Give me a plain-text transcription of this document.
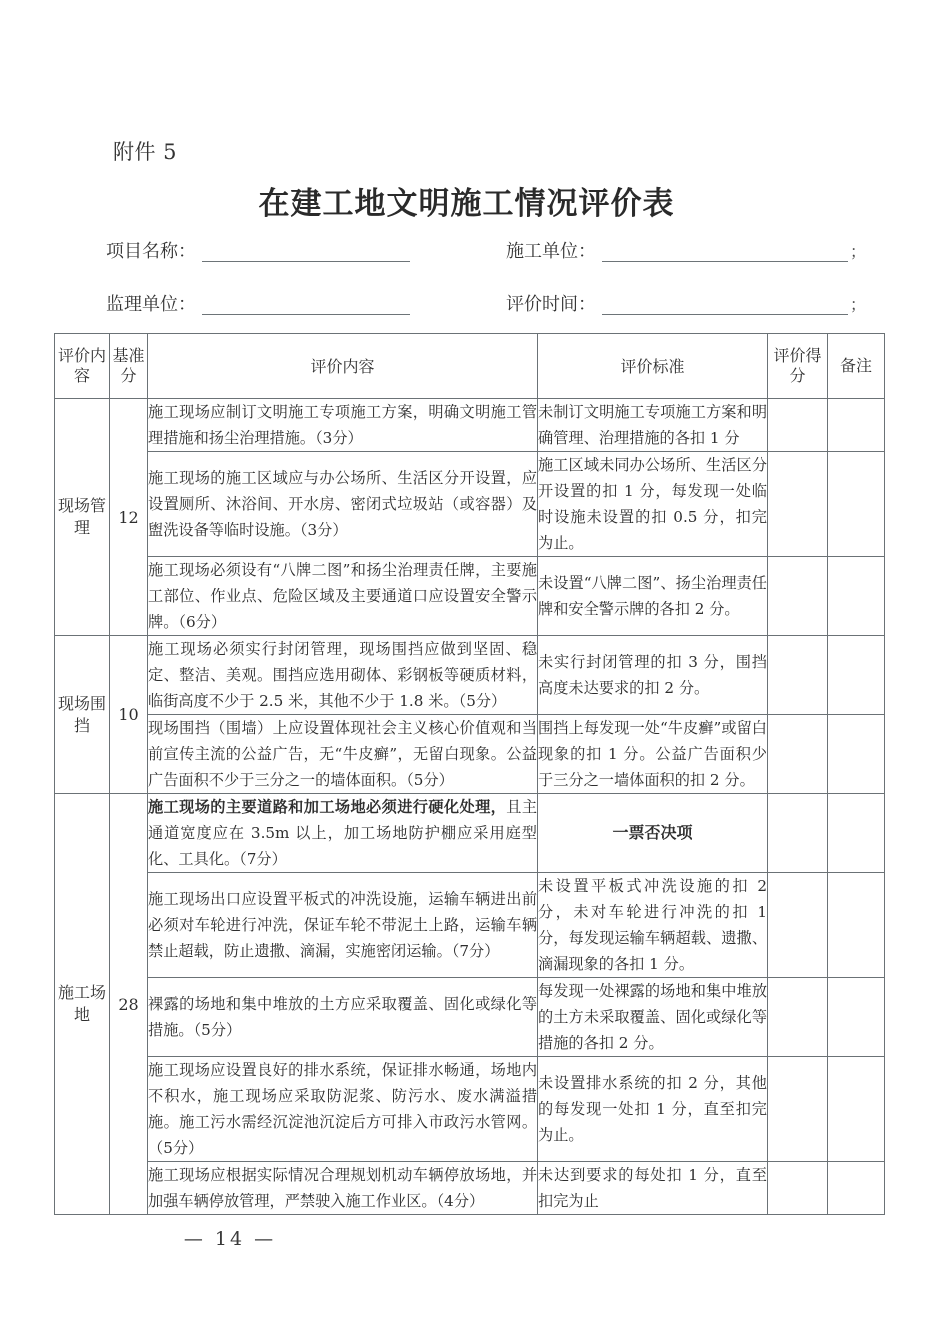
附件 5
在建工地文明施工情况评价表
项目名称：	施工单位：	；
监理单位：	评价时间：	；
评价内容	基准分	评价内容	评价标准	评价得分	备注
现场管理	12	施工现场应制订文明施工专项施工方案，明确文明施工管理措施和扬尘治理措施。（3分）	未制订文明施工专项施工方案和明确管理、治理措施的各扣 1 分		
		施工现场的施工区域应与办公场所、生活区分开设置，应设置厕所、沐浴间、开水房、密闭式垃圾站（或容器）及盥洗设备等临时设施。（3分）	施工区域未同办公场所、生活区分开设置的扣 1 分，每发现一处临时设施未设置的扣 0.5 分，扣完为止。		
		施工现场必须设有“八牌二图”和扬尘治理责任牌，主要施工部位、作业点、危险区域及主要通道口应设置安全警示牌。（6分）	未设置“八牌二图”、扬尘治理责任牌和安全警示牌的各扣 2 分。		
现场围挡	10	施工现场必须实行封闭管理，现场围挡应做到坚固、稳定、整洁、美观。围挡应选用砌体、彩钢板等硬质材料，临街高度不少于 2.5 米，其他不少于 1.8 米。（5分）	未实行封闭管理的扣 3 分，围挡高度未达要求的扣 2 分。		
		现场围挡（围墙）上应设置体现社会主义核心价值观和当前宣传主流的公益广告，无“牛皮癣”，无留白现象。公益广告面积不少于三分之一的墙体面积。（5分）	围挡上每发现一处“牛皮癣”或留白现象的扣 1 分。公益广告面积少于三分之一墙体面积的扣 2 分。		
施工场地	28	施工现场的主要道路和加工场地必须进行硬化处理，且主通道宽度应在 3.5m 以上，加工场地防护棚应采用庭型化、工具化。（7分）	一票否决项		
		施工现场出口应设置平板式的冲洗设施，运输车辆进出前必须对车轮进行冲洗，保证车轮不带泥土上路，运输车辆禁止超载，防止遗撒、滴漏，实施密闭运输。（7分）	未设置平板式冲洗设施的扣 2 分，未对车轮进行冲洗的扣 1 分，每发现运输车辆超载、遗撒、滴漏现象的各扣 1 分。		
		裸露的场地和集中堆放的土方应采取覆盖、固化或绿化等措施。（5分）	每发现一处裸露的场地和集中堆放的土方未采取覆盖、固化或绿化等措施的各扣 2 分。		
		施工现场应设置良好的排水系统，保证排水畅通，场地内不积水，施工现场应采取防泥浆、防污水、废水满溢措施。施工污水需经沉淀池沉淀后方可排入市政污水管网。（5分）	未设置排水系统的扣 2 分，其他的每发现一处扣 1 分，直至扣完为止。		
		施工现场应根据实际情况合理规划机动车辆停放场地，并加强车辆停放管理，严禁驶入施工作业区。（4分）	未达到要求的每处扣 1 分，直至扣完为止		
— 14 —
